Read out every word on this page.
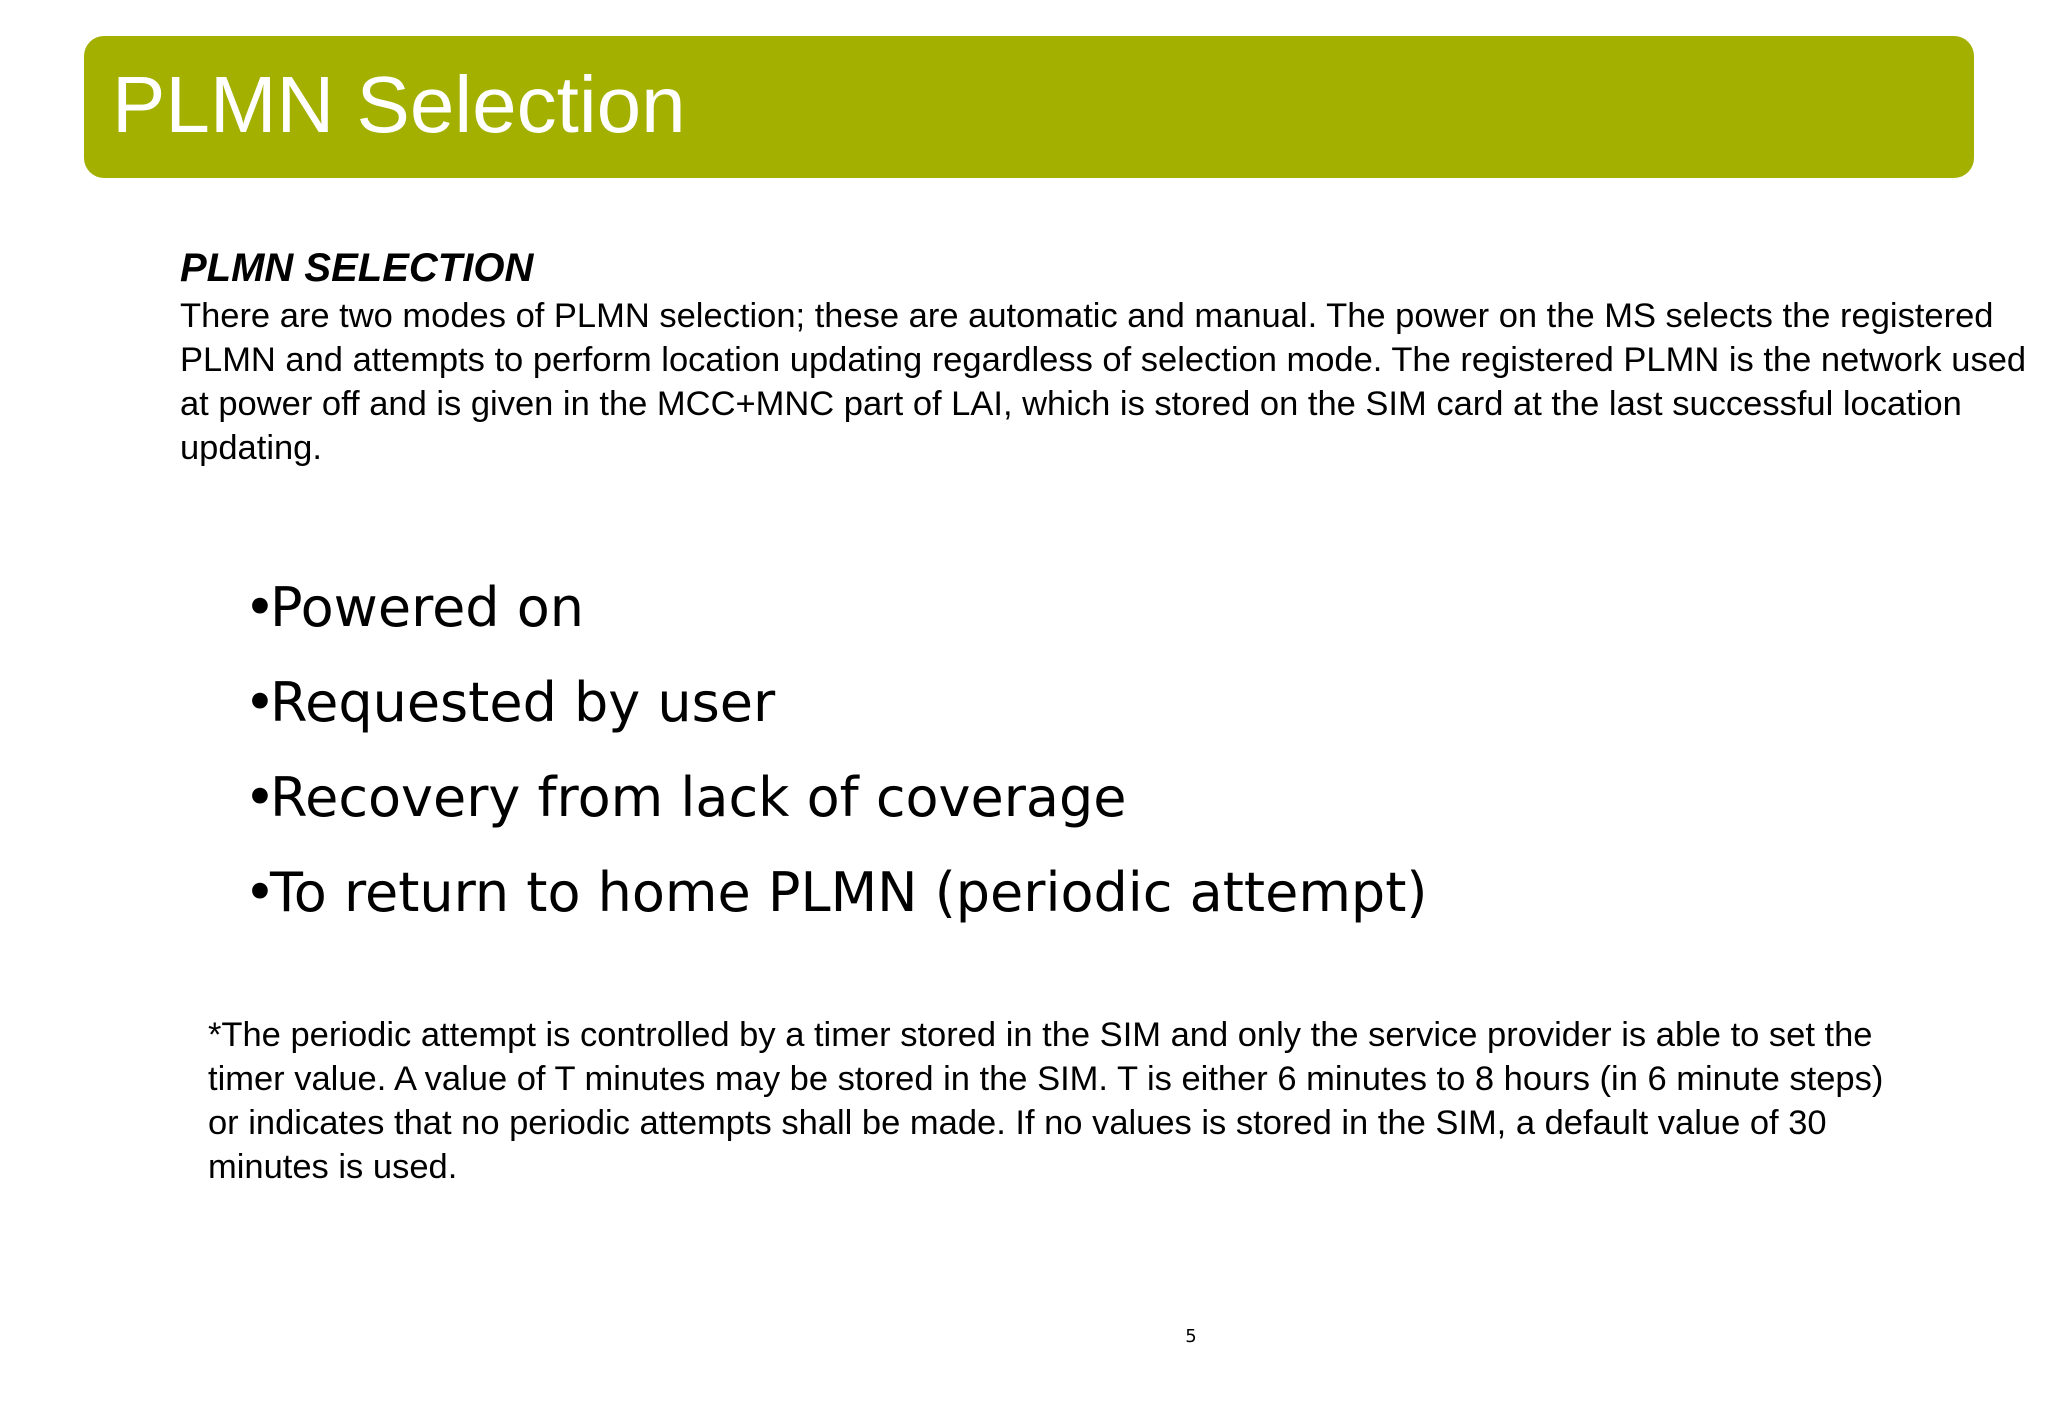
PLMN Selection

PLMN SELECTION

There are two modes of PLMN selection; these are automatic and manual. The power on the MS selects the registered PLMN and attempts to perform location updating regardless of selection mode. The registered PLMN is the network used at power off and is given in the MCC+MNC part of LAI, which is stored on the SIM card at the last successful location updating.

•
Powered on
•
Requested by user
•
Recovery from lack of coverage
•
To return to home PLMN (periodic attempt)

*The periodic attempt is controlled by a timer stored in the SIM and only the service provider is able to set the timer value. A value of T minutes may be stored in the SIM. T is either 6 minutes to 8 hours (in 6 minute steps) or indicates that no periodic attempts shall be made. If no values is stored in the SIM, a default value of 30 minutes is used.

5
